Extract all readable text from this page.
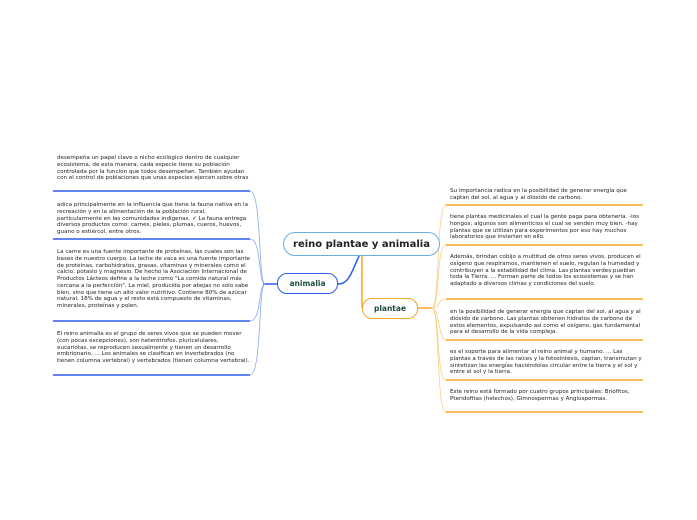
reino plantae y animalia
animalia
plantae
desempeña un papel clave o nicho ecológico dentro de cualquier ecosistema, de esta manera, cada especie tiene su población controlada por la función que todos desempeñan. También ayudan con el control de poblaciones que unas especies ejercen sobre otras
adica principalmente en la influencia que tiene la fauna nativa en la recreación y en la alimentación de la población rural, particularmente en las comunidades indígenas. ✓ La fauna entrega diversos productos como: carnes, pieles, plumas, cueros, huevos, guano o estiércol, entre otros.
La carne es una fuente importante de proteínas, las cuales son las bases de nuestro cuerpo. La leche de vaca es una fuente importante de proteínas, carbohidratos, grasas, vitaminas y minerales como el calcio, potasio y magnesio. De hecho la Asociación Internacional de Productos Lácteos define a la leche como "La comida natural más cercana a la perfección". La miel, producida por abejas no sólo sabe bien, sino que tiene un alto valor nutritivo. Contiene 80% de azúcar natural, 18% de agua y el resto está compuesto de vitaminas, minerales, proteínas y polen.
El reino animalia es el grupo de seres vivos que se pueden mover (con pocas excepciones), son heterótrofos, pluricelulares, eucariotas, se reproducen sexualmente y tienen un desarrollo embrionario. ... Los animales se clasifican en invertebrados (no tienen columna vertebral) y vertebrados (tienen columna vertebral).
Su importancia radica en la posibilidad de generar energía que captan del sol, al agua y al dióxido de carbono.
tiene plantas medicinales el cual la gente paga para obtenerla. -los hongos; algunos son alimenticios el cual se venden muy bien. -hay plantas que se utilizan para experimentos por eso hay muchos laboratorios que invierten en ello.
Además, brindan cobijo a multitud de otros seres vivos, producen el oxígeno que respiramos, mantienen el suelo, regulan la humedad y contribuyen a la estabilidad del clima. Las plantas verdes pueblan toda la Tierra. ... Forman parte de todos los ecosistemas y se han adaptado a diversos climas y condiciones del suelo.
en la posibilidad de generar energía que captan del sol, al agua y al dióxido de carbono. Las plantas obtienen hidratos de carbono de estos elementos, expulsando así como el oxígeno, gas fundamental para el desarrollo de la vida compleja.
es el soporte para alimentar al reino animal y humano. ... Las plantas a través de las raíces y la fotosíntesis, captan, transmutan y sintetizan las energías haciéndolas circular entre la tierra y el sol y entre el sol y la tierra.
Este reino está formado por cuatro grupos principales: Briófitos, Pteridofitas (helechos), Gimnospermas y Angiospermas.
